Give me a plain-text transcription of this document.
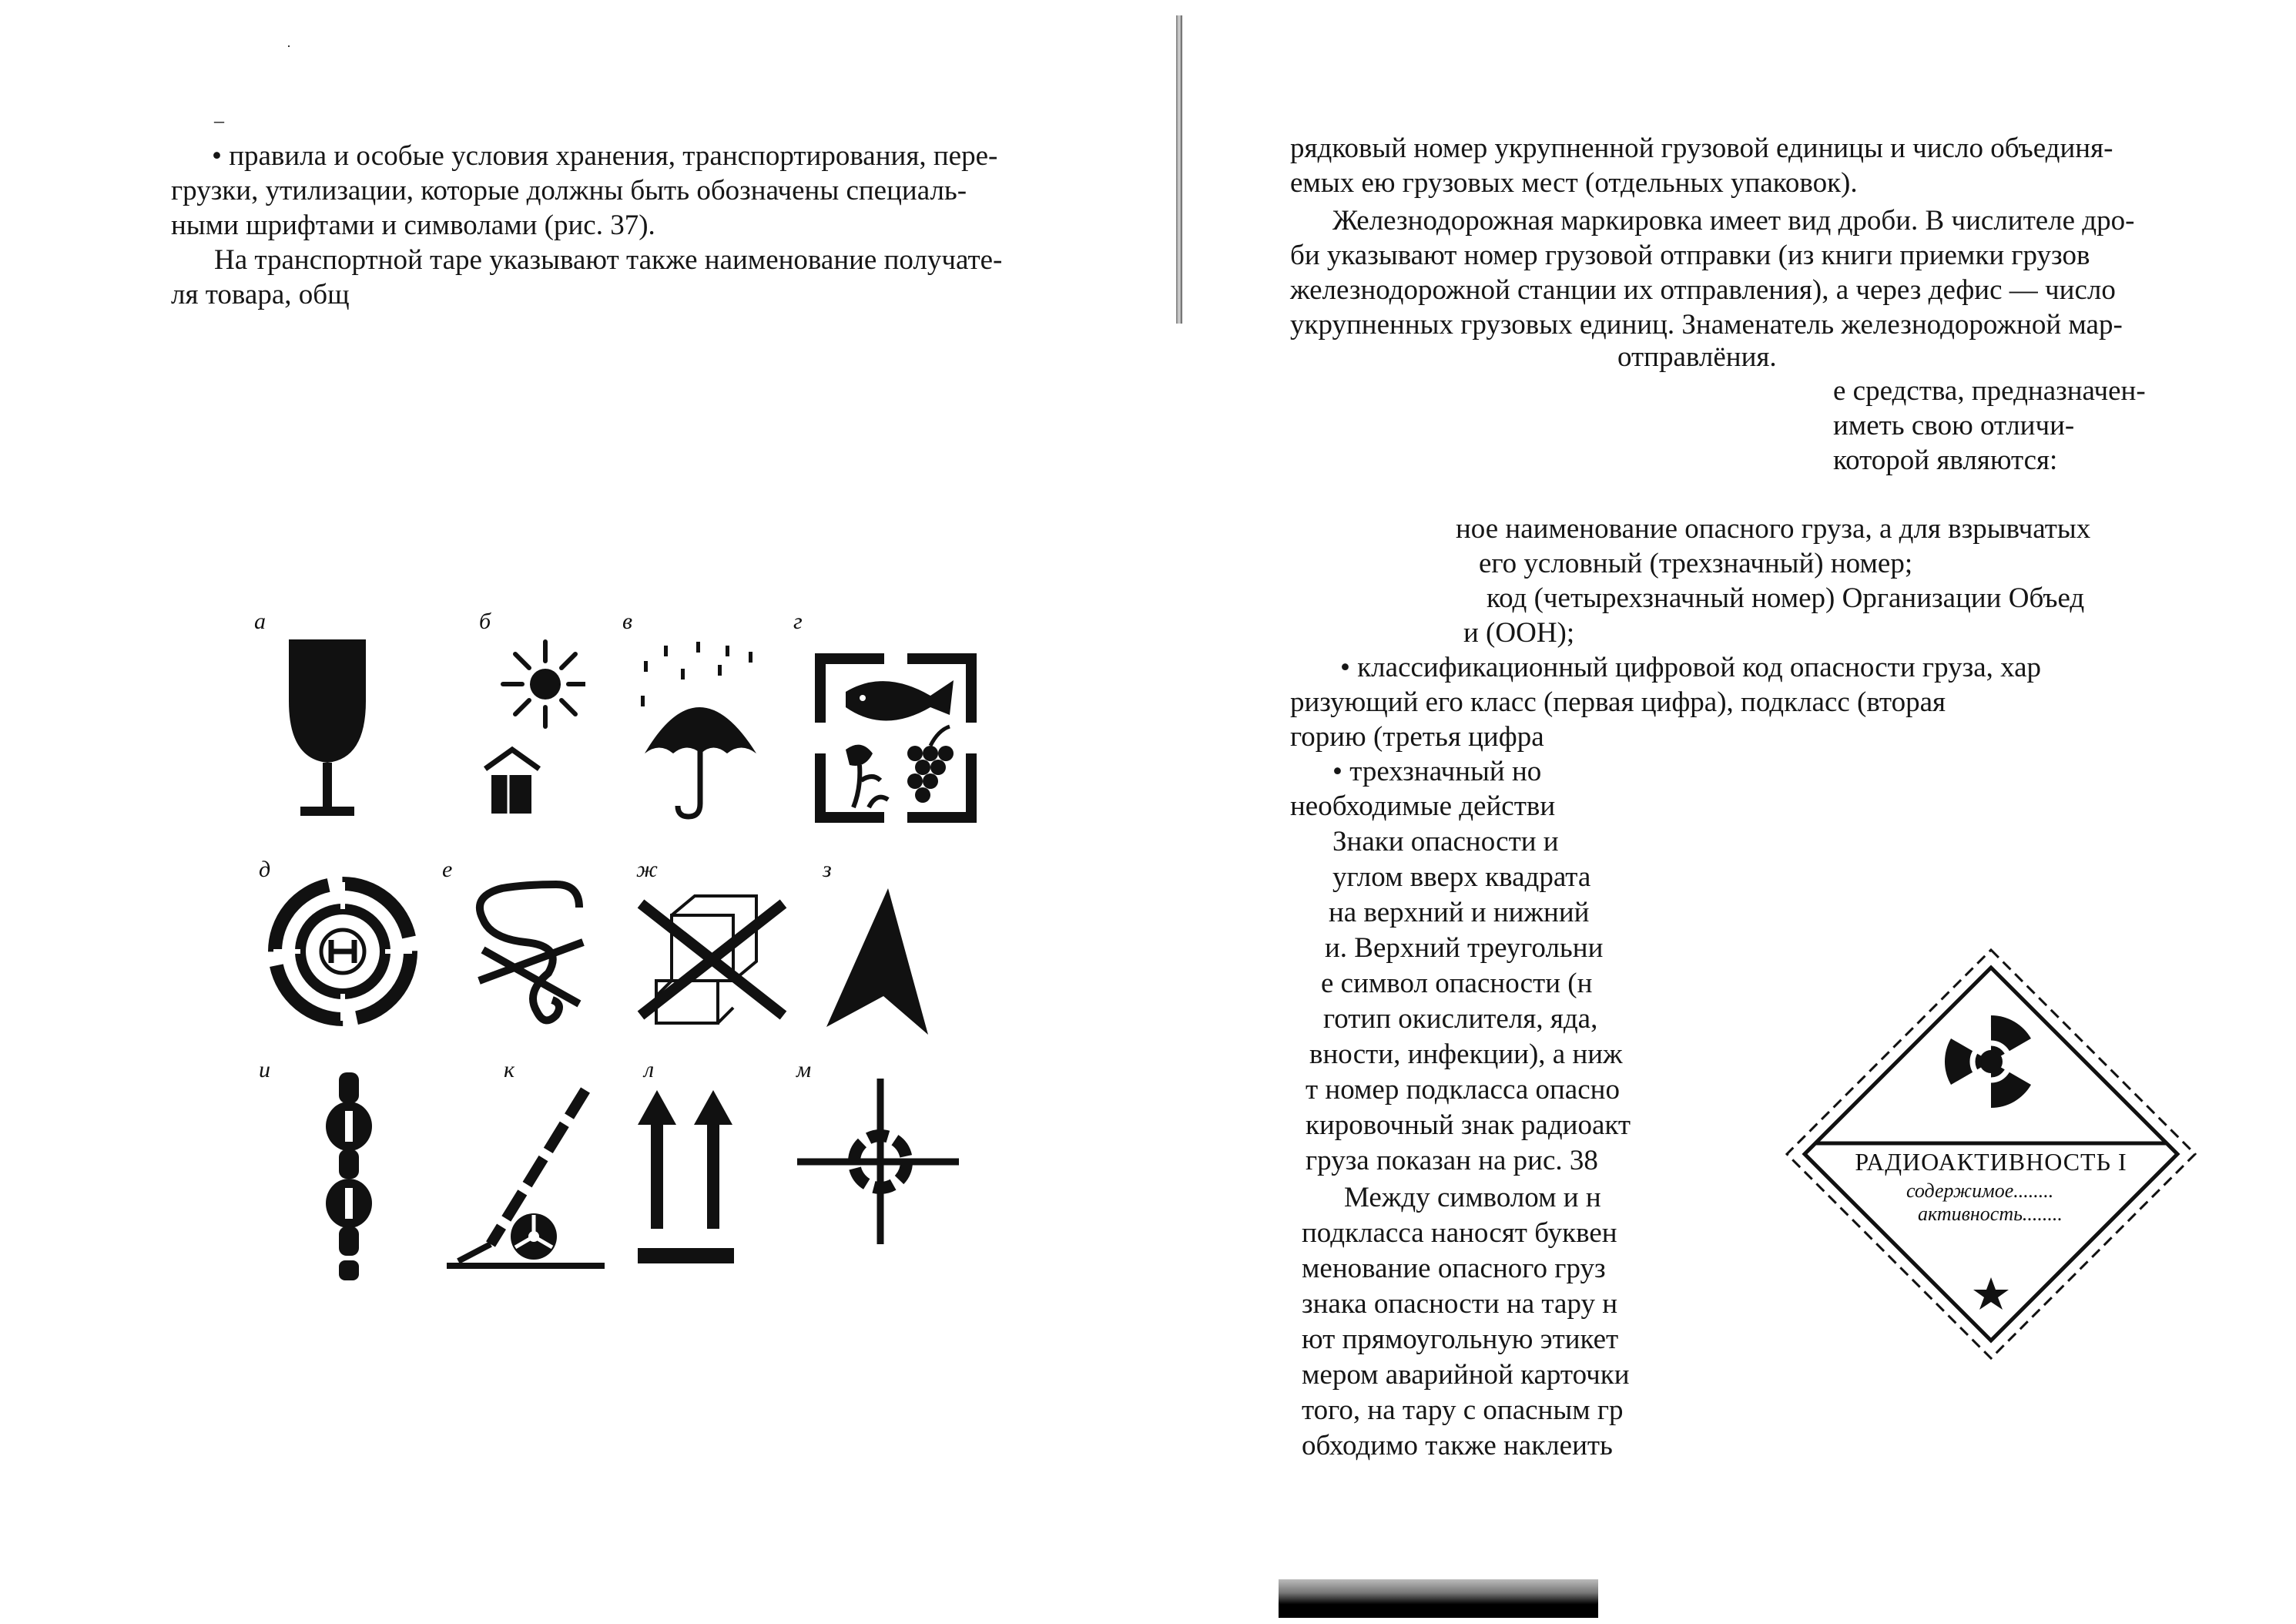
·
–
• правила и особые условия хранения, транспортирования, пере-
грузки, утилизации, которые должны быть обозначены специаль-
ными шрифтами и символами (рис. 37).
На транспортной таре указывают также наименование получате-
ля товара, общ
а	б	в	г
д	е	ж	з
и	к	л	м
рядковый номер укрупненной грузовой единицы и число объединя-
емых ею грузовых мест (отдельных упаковок).
Железнодорожная маркировка имеет вид дроби. В числителе дро-
би указывают номер грузовой отправки (из книги приемки грузов
железнодорожной станции их отправления), а через дефис — число
укрупненных грузовых единиц. Знаменатель железнодорожной мар-
отправлёния.
е средства, предназначен-
иметь свою отличи-
которой являются:
ное наименование опасного груза, а для взрывчатых
его условный (трехзначный) номер;
код (четырехзначный номер) Организации Объед
и (ООН);
• классификационный цифровой код опасности груза, хар
ризующий его класс (первая цифра), подкласс (вторая
горию (третья цифра
• трехзначный но
необходимые действи
Знаки опасности и
углом вверх квадрата
на верхний и нижний
и. Верхний треугольни
е символ опасности (н
готип окислителя, яда,
вности, инфекции), а ниж
т номер подкласса опасно
кировочный знак радиоакт
груза показан на рис. 38
Между символом и н
подкласса наносят буквен
менование опасного груз
знака опасности на тару н
ют прямоугольную этикет
мером аварийной карточки
того, на тару с опасным гр
обходимо также наклеить
РАДИОАКТИВНОСТЬ I
содержимое........
активность........
